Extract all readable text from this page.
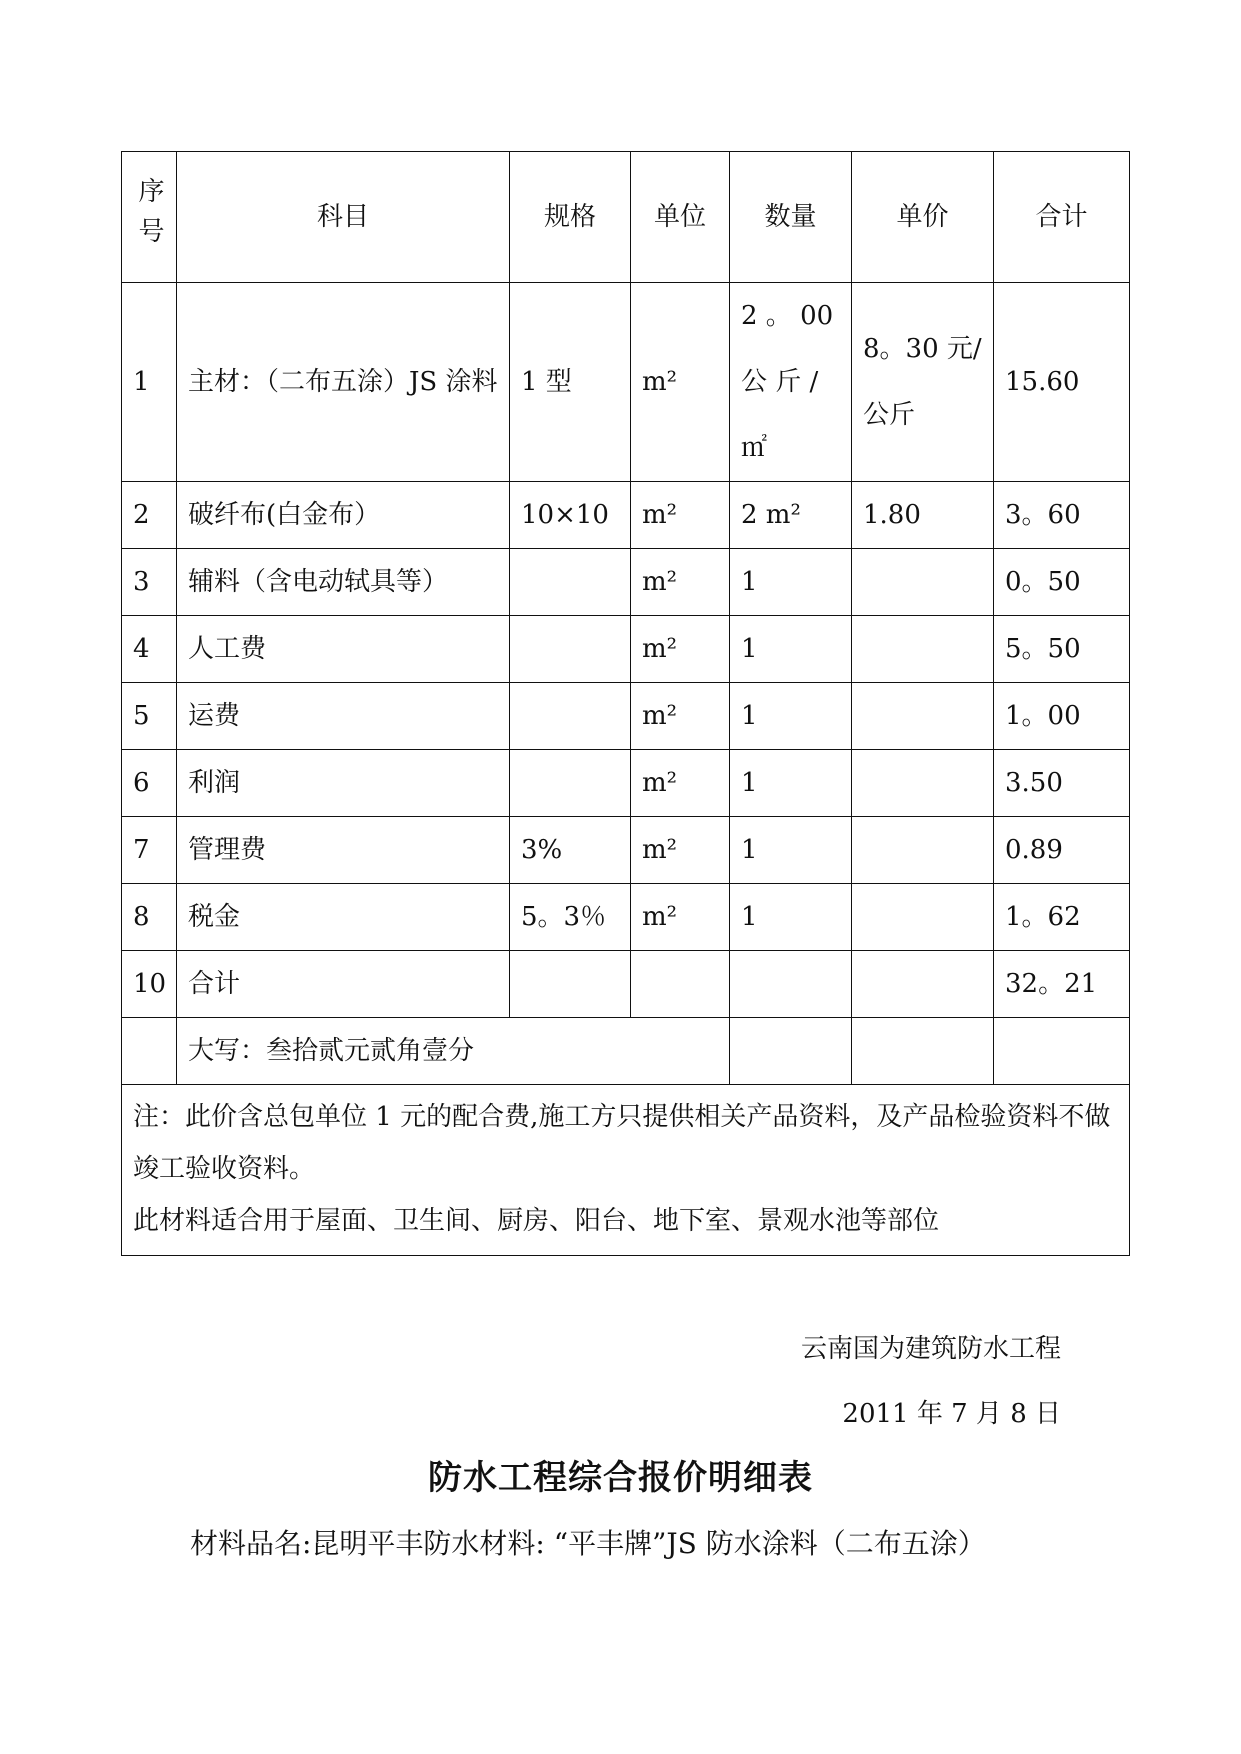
序号	科目	规格	单位	数量	单价	合计
1	主材：（二布五涂）JS 涂料	1 型	m²	2 。 00 公 斤 / ㎡	8。30 元/公斤	15.60
2	破纤布(白金布）	10×10	m²	2 m²	1.80	3。60
3	辅料（含电动轼具等）		m²	1		0。50
4	人工费		m²	1		5。50
5	运费		m²	1		1。00
6	利润		m²	1		3.50
7	管理费	3%	m²	1		0.89
8	税金	5。3％	m²	1		1。62
10	合计					32。21
	大写：叁拾贰元贰角壹分					

注：此价含总包单位 1 元的配合费,施工方只提供相关产品资料，及产品检验资料不做竣工验收资料。
此材料适合用于屋面、卫生间、厨房、阳台、地下室、景观水池等部位						
云南国为建筑防水工程
2011 年 7 月 8 日
防水工程综合报价明细表
材料品名:昆明平丰防水材料: “平丰牌”JS 防水涂料（二布五涂）
